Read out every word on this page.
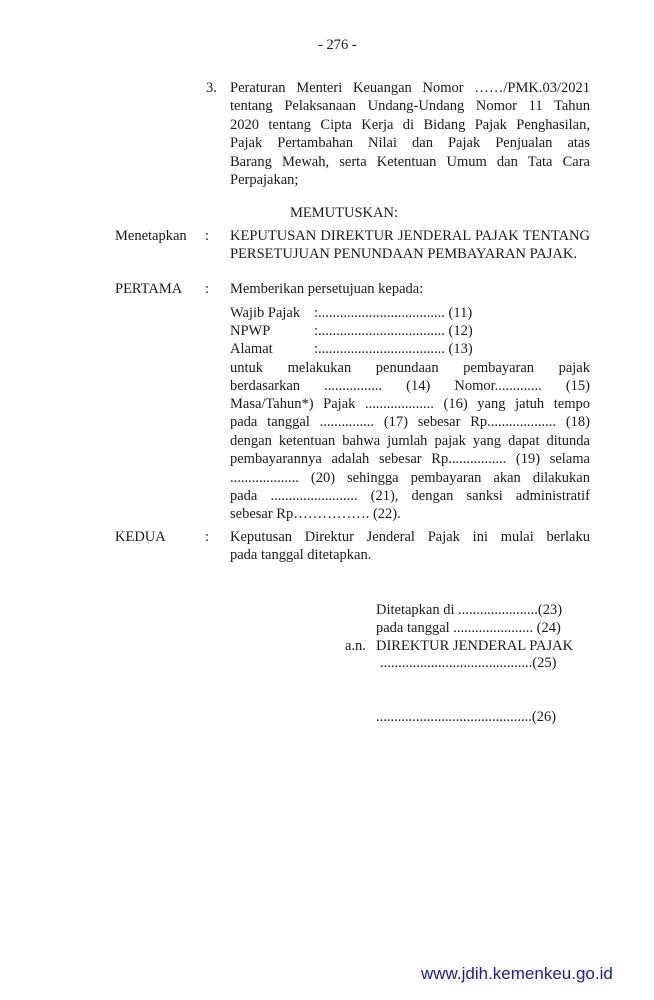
- 276 -
3. Peraturan Menteri Keuangan Nomor ……/PMK.03/2021
tentang Pelaksanaan Undang-Undang Nomor 11 Tahun
2020 tentang Cipta Kerja di Bidang Pajak Penghasilan,
Pajak Pertambahan Nilai dan Pajak Penjualan atas
Barang Mewah, serta Ketentuan Umum dan Tata Cara
Perpajakan;
MEMUTUSKAN:
Menetapkan : KEPUTUSAN DIREKTUR JENDERAL PAJAK TENTANG
PERSETUJUAN PENUNDAAN PEMBAYARAN PAJAK.
PERTAMA : Memberikan persetujuan kepada:
Wajib Pajak :................................... (11)
NPWP	:................................... (12)
Alamat	:................................... (13)
untuk melakukan penundaan pembayaran pajak
berdasarkan ................ (14) Nomor............. (15)
Masa/Tahun*) Pajak ................... (16) yang jatuh tempo
pada tanggal ............... (17) sebesar Rp................... (18)
dengan ketentuan bahwa jumlah pajak yang dapat ditunda
pembayarannya adalah sebesar Rp................ (19) selama
................... (20) sehingga pembayaran akan dilakukan
pada ........................ (21), dengan sanksi administratif
sebesar Rp……………. (22).
KEDUA	: Keputusan Direktur Jenderal Pajak ini mulai berlaku
pada tanggal ditetapkan.
Ditetapkan di ......................(23)
pada tanggal ...................... (24)
a.n. DIREKTUR JENDERAL PAJAK
..........................................(25)
...........................................(26)
www.jdih.kemenkeu.go.id
